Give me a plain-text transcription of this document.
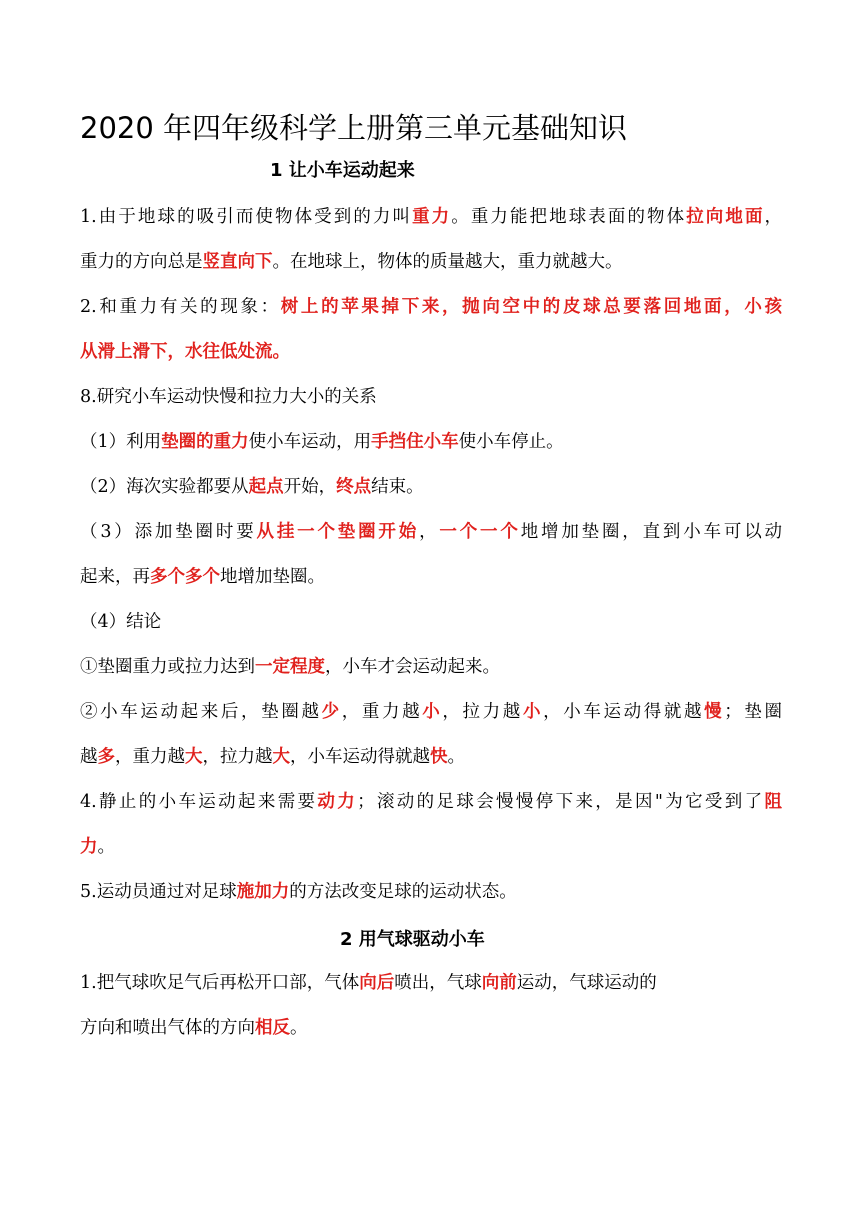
2020 年四年级科学上册第三单元基础知识
1 让小车运动起来

1.由于地球的吸引而使物体受到的力叫重力。重力能把地球表面的物体拉向地面，

重力的方向总是竖直向下。在地球上，物体的质量越大，重力就越大。

2.和重力有关的现象：树上的苹果掉下来，抛向空中的皮球总要落回地面，小孩

从滑上滑下，水往低处流。

8.研究小车运动快慢和拉力大小的关系

（1）利用垫圈的重力使小车运动，用手挡住小车使小车停止。

（2）海次实验都要从起点开始，终点结束。

（3）添加垫圈时要从挂一个垫圈开始，一个一个地增加垫圈，直到小车可以动

起来，再多个多个地增加垫圈。

（4）结论

①垫圈重力或拉力达到一定程度，小车才会运动起来。

②小车运动起来后，垫圈越少，重力越小，拉力越小，小车运动得就越慢；垫圈

越多，重力越大，拉力越大，小车运动得就越快。

4.静止的小车运动起来需要动力；滚动的足球会慢慢停下来，是因"为它受到了阻

力。

5.运动员通过对足球施加力的方法改变足球的运动状态。

2 用气球驱动小车

1.把气球吹足气后再松开口部，气体向后喷出，气球向前运动，气球运动的

方向和喷出气体的方向相反。
